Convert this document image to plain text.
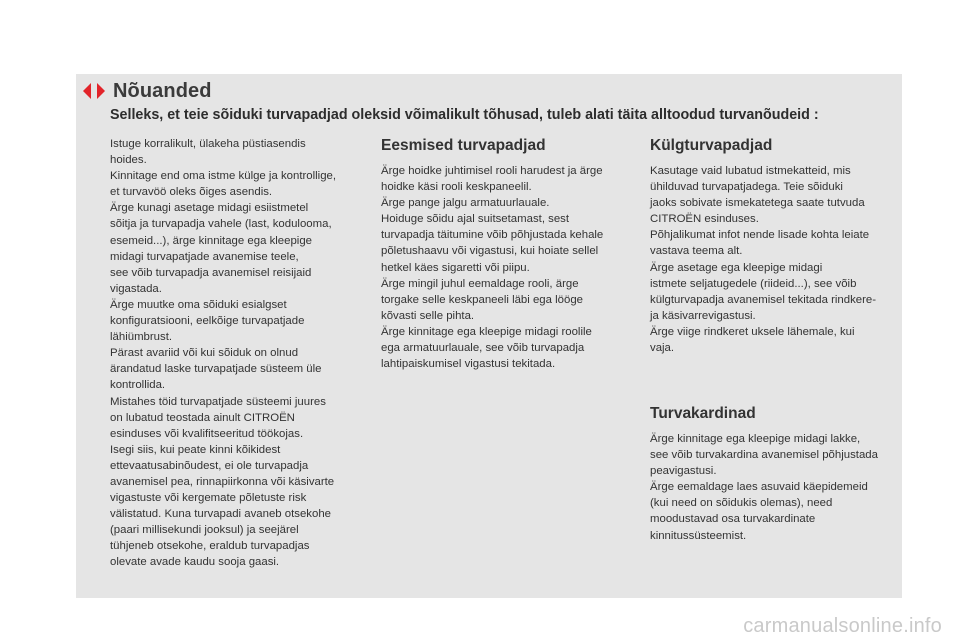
Nõuanded
Selleks, et teie sõiduki turvapadjad oleksid võimalikult tõhusad, tuleb alati täita alltoodud turvanõudeid :

Istuge korralikult, ülakeha püstiasendis
hoides.
Kinnitage end oma istme külge ja kontrollige,
et turvavöö oleks õiges asendis.
Ärge kunagi asetage midagi esiistmetel
sõitja ja turvapadja vahele (last, kodulooma,
esemeid...), ärge kinnitage ega kleepige
midagi turvapatjade avanemise teele,
see võib turvapadja avanemisel reisijaid
vigastada.
Ärge muutke oma sõiduki esialgset
konfiguratsiooni, eelkõige turvapatjade
lähiümbrust.
Pärast avariid või kui sõiduk on olnud
ärandatud laske turvapatjade süsteem üle
kontrollida.
Mistahes töid turvapatjade süsteemi juures
on lubatud teostada ainult CITROËN
esinduses või kvalifitseeritud töökojas.
Isegi siis, kui peate kinni kõikidest
ettevaatusabinõudest, ei ole turvapadja
avanemisel pea, rinnapiirkonna või käsivarte
vigastuste või kergemate põletuste risk
välistatud. Kuna turvapadi avaneb otsekohe
(paari millisekundi jooksul) ja seejärel
tühjeneb otsekohe, eraldub turvapadjas
olevate avade kaudu sooja gaasi.

Eesmised turvapadjad

Ärge hoidke juhtimisel rooli harudest ja ärge
hoidke käsi rooli keskpaneelil.
Ärge pange jalgu armatuurlauale.
Hoiduge sõidu ajal suitsetamast, sest
turvapadja täitumine võib põhjustada kehale
põletushaavu või vigastusi, kui hoiate sellel
hetkel käes sigaretti või piipu.
Ärge mingil juhul eemaldage rooli, ärge
torgake selle keskpaneeli läbi ega lööge
kõvasti selle pihta.
Ärge kinnitage ega kleepige midagi roolile
ega armatuurlauale, see võib turvapadja
lahtipaiskumisel vigastusi tekitada.

Külgturvapadjad

Kasutage vaid lubatud istmekatteid, mis
ühilduvad turvapatjadega. Teie sõiduki
jaoks sobivate ismekatetega saate tutvuda
CITROËN esinduses.
Põhjalikumat infot nende lisade kohta leiate
vastava teema alt.
Ärge asetage ega kleepige midagi
istmete seljatugedele (riideid...), see võib
külgturvapadja avanemisel tekitada rindkere-
ja käsivarrevigastusi.
Ärge viige rindkeret uksele lähemale, kui
vaja.

Turvakardinad

Ärge kinnitage ega kleepige midagi lakke,
see võib turvakardina avanemisel põhjustada
peavigastusi.
Ärge eemaldage laes asuvaid käepidemeid
(kui need on sõidukis olemas), need
moodustavad osa turvakardinate
kinnitussüsteemist.

carmanualsonline.info
